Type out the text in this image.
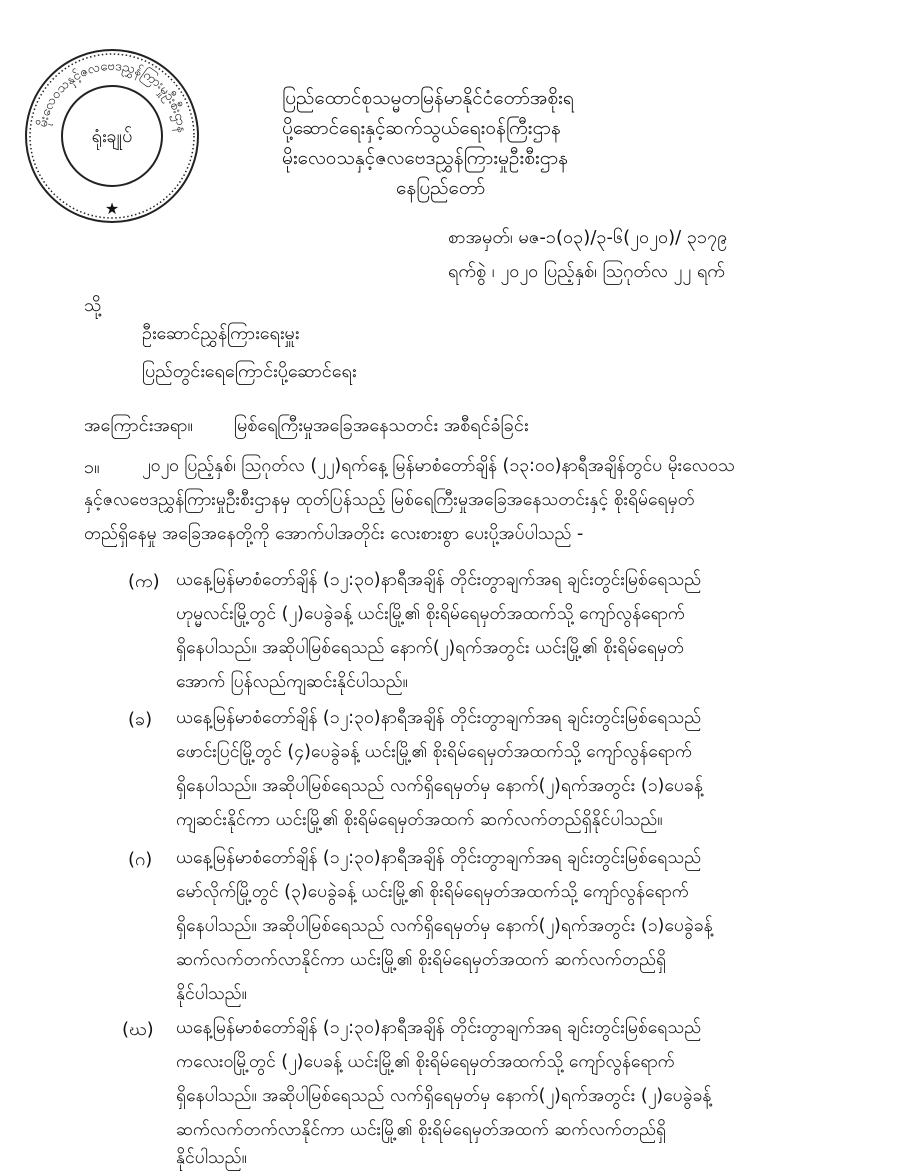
မိုးလေဝသနှင့်ဇလဗေဒညွှန်ကြားမှုဦးစီးဌာန
ရုံးချုပ်
★
ပြည်ထောင်စုသမ္မတမြန်မာနိုင်ငံတော်အစိုးရ
ပို့ဆောင်ရေးနှင့်ဆက်သွယ်ရေးဝန်ကြီးဌာန
မိုးလေဝသနှင့်ဇလဗေဒညွှန်ကြားမှုဦးစီးဌာန
နေပြည်တော်
စာအမှတ်၊ မဇ-၁(၀၃)/၃-၆(၂၀၂၀)/ ၃၁၇၉
ရက်စွဲ ၊ ၂၀၂၀ ပြည့်နှစ်၊ ဩဂုတ်လ ၂၂ ရက်
သို့
ဦးဆောင်ညွှန်ကြားရေးမှူး
ပြည်တွင်းရေကြောင်းပို့ဆောင်ရေး
အကြောင်းအရာ။ မြစ်ရေကြီးမှုအခြေအနေသတင်း အစီရင်ခံခြင်း
၁။ ၂၀၂၀ ပြည့်နှစ်၊ ဩဂုတ်လ (၂၂)ရက်နေ့ မြန်မာစံတော်ချိန် (၁၃:၀၀)နာရီအချိန်တွင်ပ မိုးလေဝသ
နှင့်ဇလဗေဒညွှန်ကြားမှုဦးစီးဌာနမှ ထုတ်ပြန်သည့် မြစ်ရေကြီးမှုအခြေအနေသတင်းနှင့် စိုးရိမ်ရေမှတ်
တည်ရှိနေမှု အခြေအနေတို့ကို အောက်ပါအတိုင်း လေးစားစွာ ပေးပို့အပ်ပါသည် -
(က) ယနေ့မြန်မာစံတော်ချိန် (၁၂:၃၀)နာရီအချိန် တိုင်းတွာချက်အရ ချင်းတွင်းမြစ်ရေသည်
ဟုမ္မလင်းမြို့တွင် (၂)ပေခွဲခန့် ယင်းမြို့၏ စိုးရိမ်ရေမှတ်အထက်သို့ ကျော်လွန်ရောက်
ရှိနေပါသည်။ အဆိုပါမြစ်ရေသည် နောက်(၂)ရက်အတွင်း ယင်းမြို့၏ စိုးရိမ်ရေမှတ်
အောက် ပြန်လည်ကျဆင်းနိုင်ပါသည်။
(ခ) ယနေ့မြန်မာစံတော်ချိန် (၁၂:၃၀)နာရီအချိန် တိုင်းတွာချက်အရ ချင်းတွင်းမြစ်ရေသည်
ဖောင်းပြင်မြို့တွင် (၄)ပေခွဲခန့် ယင်းမြို့၏ စိုးရိမ်ရေမှတ်အထက်သို့ ကျော်လွန်ရောက်
ရှိနေပါသည်။ အဆိုပါမြစ်ရေသည် လက်ရှိရေမှတ်မှ နောက်(၂)ရက်အတွင်း (၁)ပေခန့်
ကျဆင်းနိုင်ကာ ယင်းမြို့၏ စိုးရိမ်ရေမှတ်အထက် ဆက်လက်တည်ရှိနိုင်ပါသည်။
(ဂ) ယနေ့မြန်မာစံတော်ချိန် (၁၂:၃၀)နာရီအချိန် တိုင်းတွာချက်အရ ချင်းတွင်းမြစ်ရေသည်
မော်လိုက်မြို့တွင် (၃)ပေခွဲခန့် ယင်းမြို့၏ စိုးရိမ်ရေမှတ်အထက်သို့ ကျော်လွန်ရောက်
ရှိနေပါသည်။ အဆိုပါမြစ်ရေသည် လက်ရှိရေမှတ်မှ နောက်(၂)ရက်အတွင်း (၁)ပေခွဲခန့်
ဆက်လက်တက်လာနိုင်ကာ ယင်းမြို့၏ စိုးရိမ်ရေမှတ်အထက် ဆက်လက်တည်ရှိ
နိုင်ပါသည်။
(ဃ) ယနေ့မြန်မာစံတော်ချိန် (၁၂:၃၀)နာရီအချိန် တိုင်းတွာချက်အရ ချင်းတွင်းမြစ်ရေသည်
ကလေးဝမြို့တွင် (၂)ပေခန့် ယင်းမြို့၏ စိုးရိမ်ရေမှတ်အထက်သို့ ကျော်လွန်ရောက်
ရှိနေပါသည်။ အဆိုပါမြစ်ရေသည် လက်ရှိရေမှတ်မှ နောက်(၂)ရက်အတွင်း (၂)ပေခွဲခန့်
ဆက်လက်တက်လာနိုင်ကာ ယင်းမြို့၏ စိုးရိမ်ရေမှတ်အထက် ဆက်လက်တည်ရှိ
နိုင်ပါသည်။
